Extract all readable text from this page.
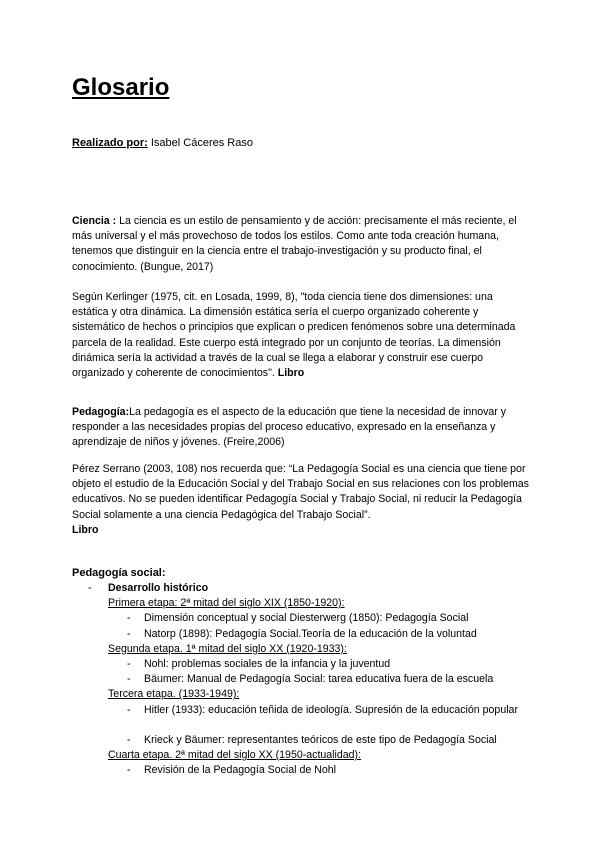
Glosario
Realizado por: Isabel Cáceres Raso

Ciencia : La ciencia es un estilo de pensamiento y de acción: precisamente el más reciente, el más universal y el más provechoso de todos los estilos. Como ante toda creación humana, tenemos que distinguir en la ciencia entre el trabajo-investigación y su producto final, el conocimiento. (Bungue, 2017)

Según Kerlinger (1975, cit. en Losada, 1999, 8), "toda ciencia tiene dos dimensiones: una estática y otra dinámica. La dimensión estática sería el cuerpo organizado coherente y sistemático de hechos o principios que explican o predicen fenómenos sobre una determinada parcela de la realidad. Este cuerpo está integrado por un conjunto de teorías. La dimensión dinámica sería la actividad a través de la cual se llega a elaborar y construir ese cuerpo organizado y coherente de conocimientos". Libro

Pedagogía:La pedagogía es el aspecto de la educación que tiene la necesidad de innovar y responder a las necesidades propias del proceso educativo, expresado en la enseñanza y aprendizaje de niños y jóvenes. (Freire,2006)

Pérez Serrano (2003, 108) nos recuerda que: “La Pedagogía Social es una ciencia que tiene por objeto el estudio de la Educación Social y del Trabajo Social en sus relaciones con los problemas educativos. No se pueden identificar Pedagogía Social y Trabajo Social, ni reducir la Pedagogía Social solamente a una ciencia Pedagógica del Trabajo Social”.
Libro

Pedagogía social:
- Desarrollo histórico
Primera etapa: 2ª mitad del siglo XIX (1850-1920):
- Dimensión conceptual y social Diesterwerg (1850): Pedagogía Social
- Natorp (1898): Pedagogía Social.Teoría de la educación de la voluntad
Segunda etapa. 1ª mitad del siglo XX (1920-1933):
- Nohl: problemas sociales de la infancia y la juventud
- Bäumer: Manual de Pedagogía Social: tarea educativa fuera de la escuela
Tercera etapa. (1933-1949):
- Hitler (1933): educación teñida de ideología. Supresión de la educación popular
- Krieck y Bäumer: representantes teóricos de este tipo de Pedagogía Social
Cuarta etapa. 2ª mitad del siglo XX (1950-actualidad):
- Revisión de la Pedagogía Social de Nohl
